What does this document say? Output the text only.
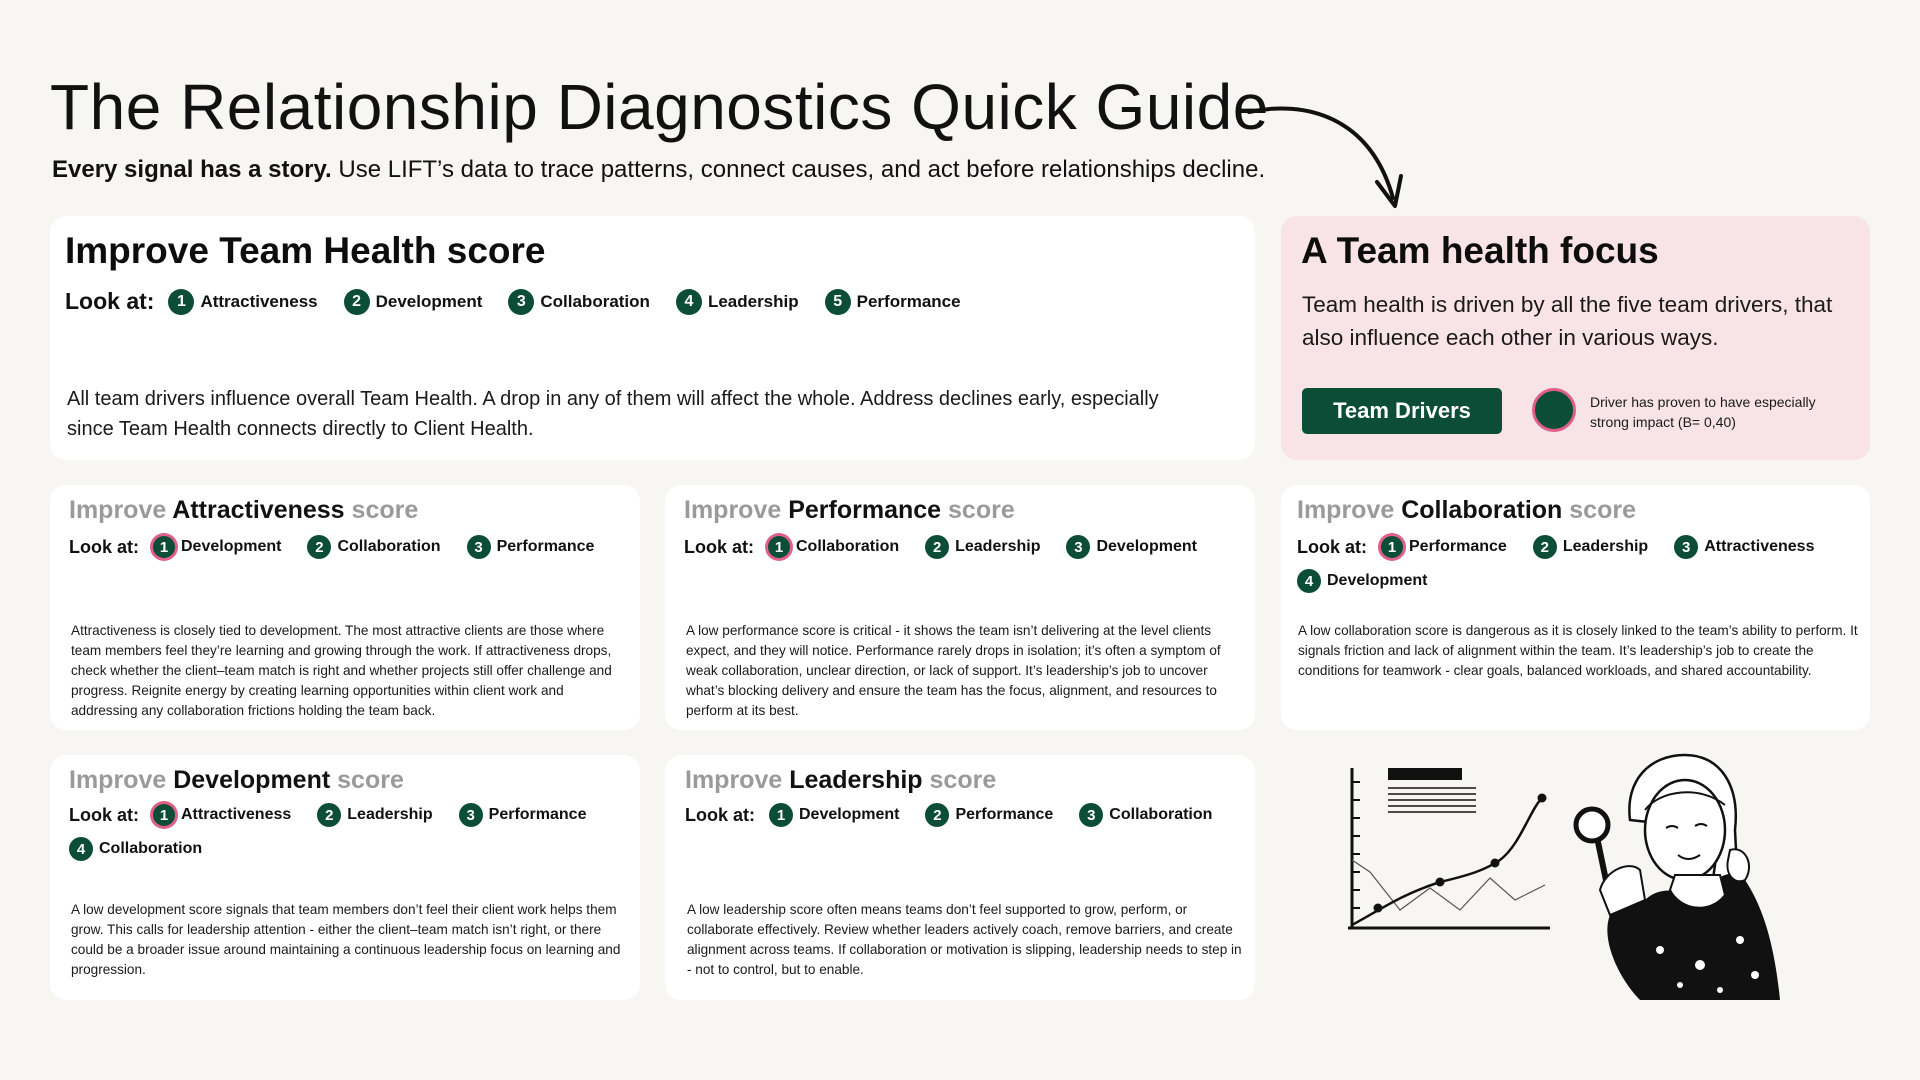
The Relationship Diagnostics Quick Guide
Every signal has a story. Use LIFT’s data to trace patterns, connect causes, and act before relationships decline.
Improve Team Health score
Look at:	1 Attractiveness	2 Development	3 Collaboration	4 Leadership	5 Performance
All team drivers influence overall Team Health. A drop in any of them will affect the whole. Address declines early, especially since Team Health connects directly to Client Health.
A Team health focus
Team health is driven by all the five team drivers, that also influence each other in various ways.
Team Drivers	Driver has proven to have especially strong impact (B= 0,40)
Improve Attractiveness score
Look at:	1 Development	2 Collaboration	3 Performance
Attractiveness is closely tied to development. The most attractive clients are those where team members feel they’re learning and growing through the work. If attractiveness drops, check whether the client–team match is right and whether projects still offer challenge and progress. Reignite energy by creating learning opportunities within client work and addressing any collaboration frictions holding the team back.
Improve Performance score
Look at:	1 Collaboration	2 Leadership	3 Development
A low performance score is critical - it shows the team isn’t delivering at the level clients expect, and they will notice. Performance rarely drops in isolation; it’s often a symptom of weak collaboration, unclear direction, or lack of support. It’s leadership’s job to uncover what’s blocking delivery and ensure the team has the focus, alignment, and resources to perform at its best.
Improve Collaboration score
Look at:	1 Performance	2 Leadership	3 Attractiveness
4 Development
A low collaboration score is dangerous as it is closely linked to the team’s ability to perform. It signals friction and lack of alignment within the team. It’s leadership’s job to create the conditions for teamwork - clear goals, balanced workloads, and shared accountability.
Improve Development score
Look at:	1 Attractiveness	2 Leadership	3 Performance
4 Collaboration
A low development score signals that team members don’t feel their client work helps them grow. This calls for leadership attention - either the client–team match isn’t right, or there could be a broader issue around maintaining a continuous leadership focus on learning and progression.
Improve Leadership score
Look at:	1 Development	2 Performance	3 Collaboration
A low leadership score often means teams don’t feel supported to grow, perform, or collaborate effectively. Review whether leaders actively coach, remove barriers, and create alignment across teams. If collaboration or motivation is slipping, leadership needs to step in - not to control, but to enable.
